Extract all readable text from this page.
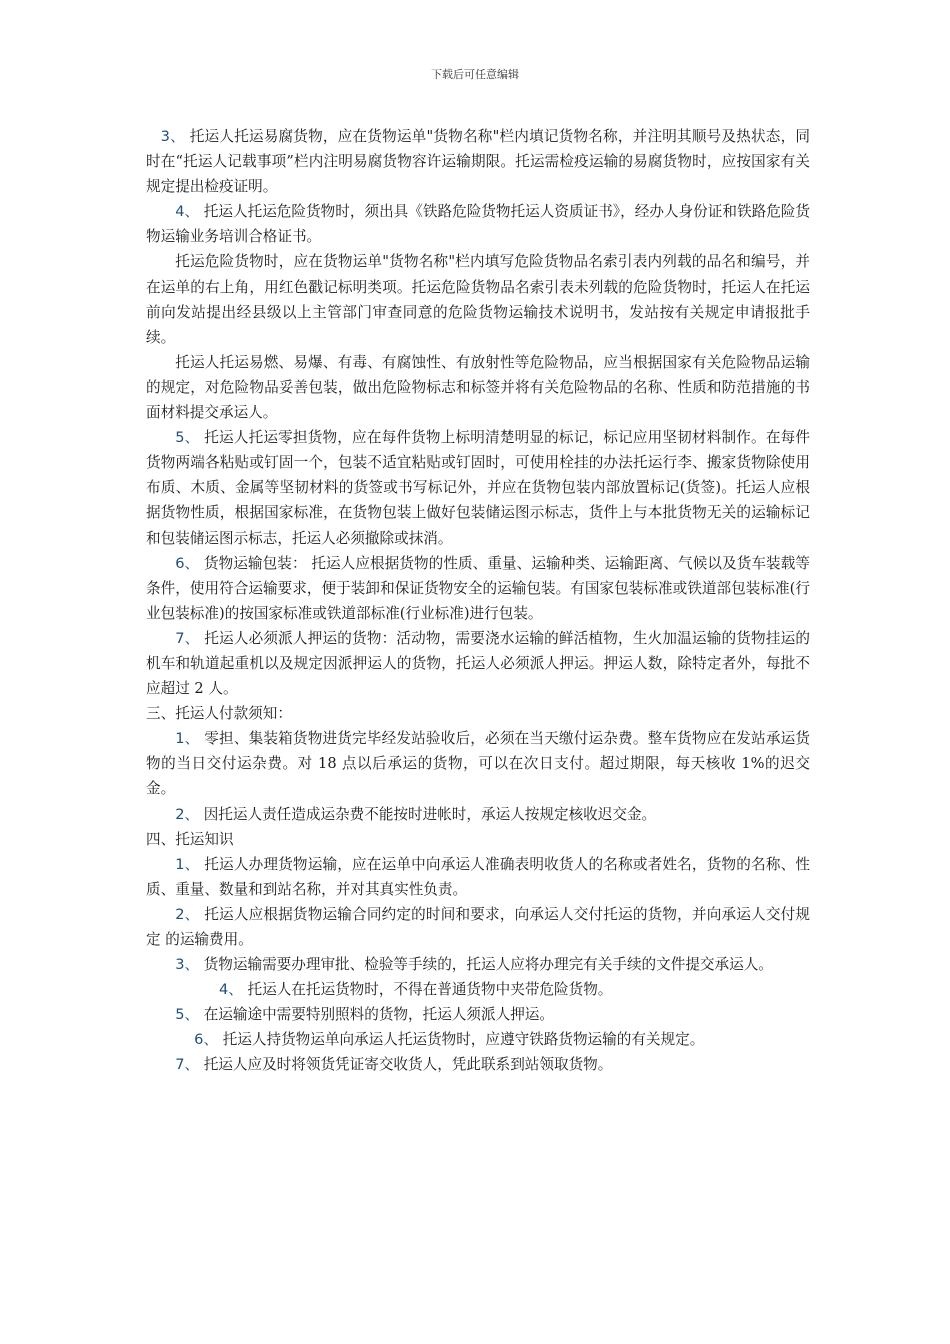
下载后可任意编辑

3、 托运人托运易腐货物，应在货物运单"货物名称"栏内填记货物名称，并注明其顺号及热状态，同时在“托运人记载事项”栏内注明易腐货物容许运输期限。托运需检疫运输的易腐货物时，应按国家有关规定提出检疫证明。

4、 托运人托运危险货物时，须出具《铁路危险货物托运人资质证书》，经办人身份证和铁路危险货物运输业务培训合格证书。

托运危险货物时，应在货物运单"货物名称"栏内填写危险货物品名索引表内列载的品名和编号，并在运单的右上角，用红色戳记标明类项。托运危险货物品名索引表未列载的危险货物时，托运人在托运前向发站提出经县级以上主管部门审查同意的危险货物运输技术说明书，发站按有关规定申请报批手续。

托运人托运易燃、易爆、有毒、有腐蚀性、有放射性等危险物品，应当根据国家有关危险物品运输的规定，对危险物品妥善包装，做出危险物标志和标签并将有关危险物品的名称、性质和防范措施的书面材料提交承运人。

5、 托运人托运零担货物，应在每件货物上标明清楚明显的标记，标记应用坚韧材料制作。在每件货物两端各粘贴或钉固一个，包装不适宜粘贴或钉固时，可使用栓挂的办法托运行李、搬家货物除使用布质、木质、金属等坚韧材料的货签或书写标记外，并应在货物包装内部放置标记(货签)。托运人应根据货物性质，根据国家标准，在货物包装上做好包装储运图示标志，货件上与本批货物无关的运输标记和包装储运图示标志，托运人必须撤除或抹消。

6、 货物运输包装： 托运人应根据货物的性质、重量、运输种类、运输距离、气候以及货车装载等条件，使用符合运输要求，便于装卸和保证货物安全的运输包装。有国家包装标准或铁道部包装标准(行业包装标准)的按国家标准或铁道部标准(行业标准)进行包装。

7、 托运人必须派人押运的货物：活动物，需要浇水运输的鲜活植物，生火加温运输的货物挂运的机车和轨道起重机以及规定因派押运人的货物，托运人必须派人押运。押运人数，除特定者外，每批不应超过 2 人。

三、托运人付款须知：

1、 零担、集装箱货物进货完毕经发站验收后，必须在当天缴付运杂费。整车货物应在发站承运货物的当日交付运杂费。对 18 点以后承运的货物，可以在次日支付。超过期限，每天核收 1%的迟交金。

2、 因托运人责任造成运杂费不能按时进帐时，承运人按规定核收迟交金。

四、托运知识

1、 托运人办理货物运输，应在运单中向承运人准确表明收货人的名称或者姓名，货物的名称、性质、重量、数量和到站名称，并对其真实性负责。

2、 托运人应根据货物运输合同约定的时间和要求，向承运人交付托运的货物，并向承运人交付规定 的运输费用。

3、 货物运输需要办理审批、检验等手续的，托运人应将办理完有关手续的文件提交承运人。

4、 托运人在托运货物时，不得在普通货物中夹带危险货物。

5、 在运输途中需要特别照料的货物，托运人须派人押运。

6、 托运人持货物运单向承运人托运货物时，应遵守铁路货物运输的有关规定。

7、 托运人应及时将领货凭证寄交收货人，凭此联系到站领取货物。
